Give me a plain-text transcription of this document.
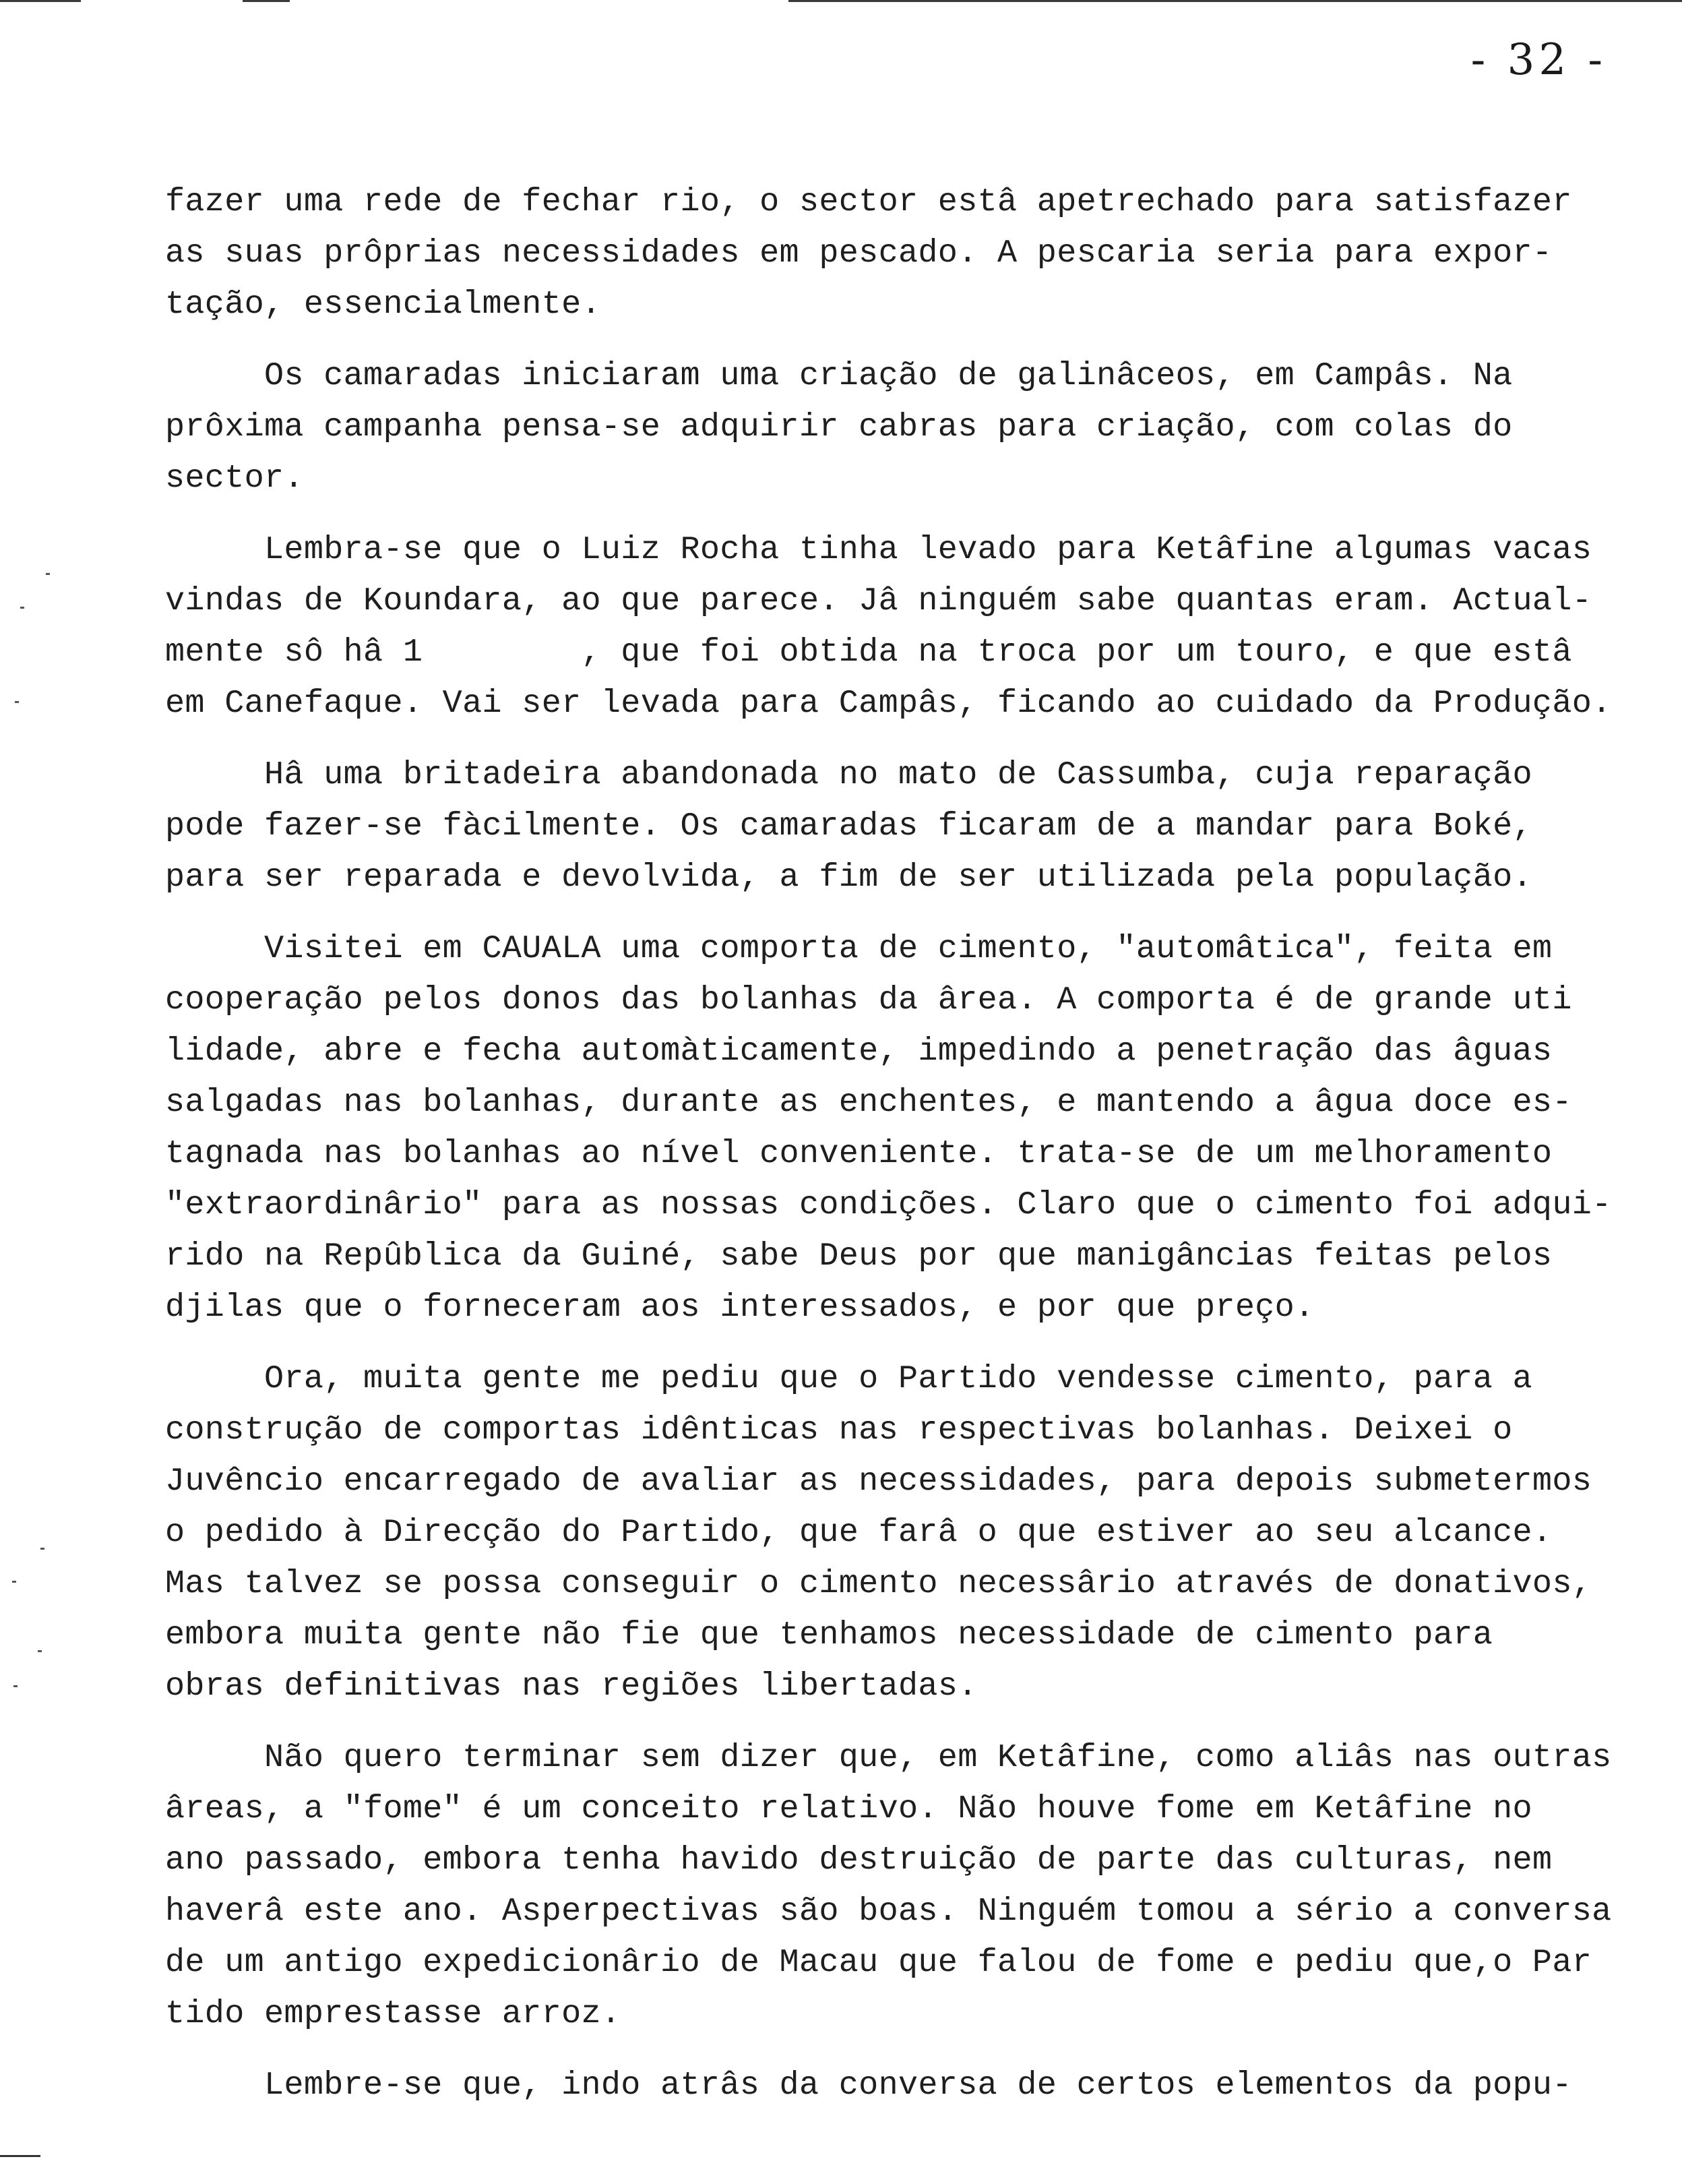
- 32 -
fazer uma rede de fechar rio, o sector estâ apetrechado para satisfazer
as suas prôprias necessidades em pescado. A pescaria seria para expor-
tação, essencialmente.
Os camaradas iniciaram uma criação de galinâceos, em Campâs. Na
prôxima campanha pensa-se adquirir cabras para criação, com colas do
sector.
Lembra-se que o Luiz Rocha tinha levado para Ketâfine algumas vacas
vindas de Koundara, ao que parece. Jâ ninguém sabe quantas eram. Actual-
mente sô hâ 1        , que foi obtida na troca por um touro, e que estâ
em Canefaque. Vai ser levada para Campâs, ficando ao cuidado da Produção.
Hâ uma britadeira abandonada no mato de Cassumba, cuja reparação
pode fazer-se fàcilmente. Os camaradas ficaram de a mandar para Boké,
para ser reparada e devolvida, a fim de ser utilizada pela população.
Visitei em CAUALA uma comporta de cimento, "automâtica", feita em
cooperação pelos donos das bolanhas da ârea. A comporta é de grande uti
lidade, abre e fecha automàticamente, impedindo a penetração das âguas
salgadas nas bolanhas, durante as enchentes, e mantendo a âgua doce es-
tagnada nas bolanhas ao nível conveniente. trata-se de um melhoramento
"extraordinârio" para as nossas condições. Claro que o cimento foi adqui-
rido na Repûblica da Guiné, sabe Deus por que manigâncias feitas pelos
djilas que o forneceram aos interessados, e por que preço.
Ora, muita gente me pediu que o Partido vendesse cimento, para a
construção de comportas idênticas nas respectivas bolanhas. Deixei o
Juvêncio encarregado de avaliar as necessidades, para depois submetermos
o pedido à Direcção do Partido, que farâ o que estiver ao seu alcance.
Mas talvez se possa conseguir o cimento necessârio através de donativos,
embora muita gente não fie que tenhamos necessidade de cimento para
obras definitivas nas regiões libertadas.
Não quero terminar sem dizer que, em Ketâfine, como aliâs nas outras
âreas, a "fome" é um conceito relativo. Não houve fome em Ketâfine no
ano passado, embora tenha havido destruição de parte das culturas, nem
haverâ este ano. Asperpectivas são boas. Ninguém tomou a sério a conversa
de um antigo expedicionârio de Macau que falou de fome e pediu que,o Par
tido emprestasse arroz.
Lembre-se que, indo atrâs da conversa de certos elementos da popu-
